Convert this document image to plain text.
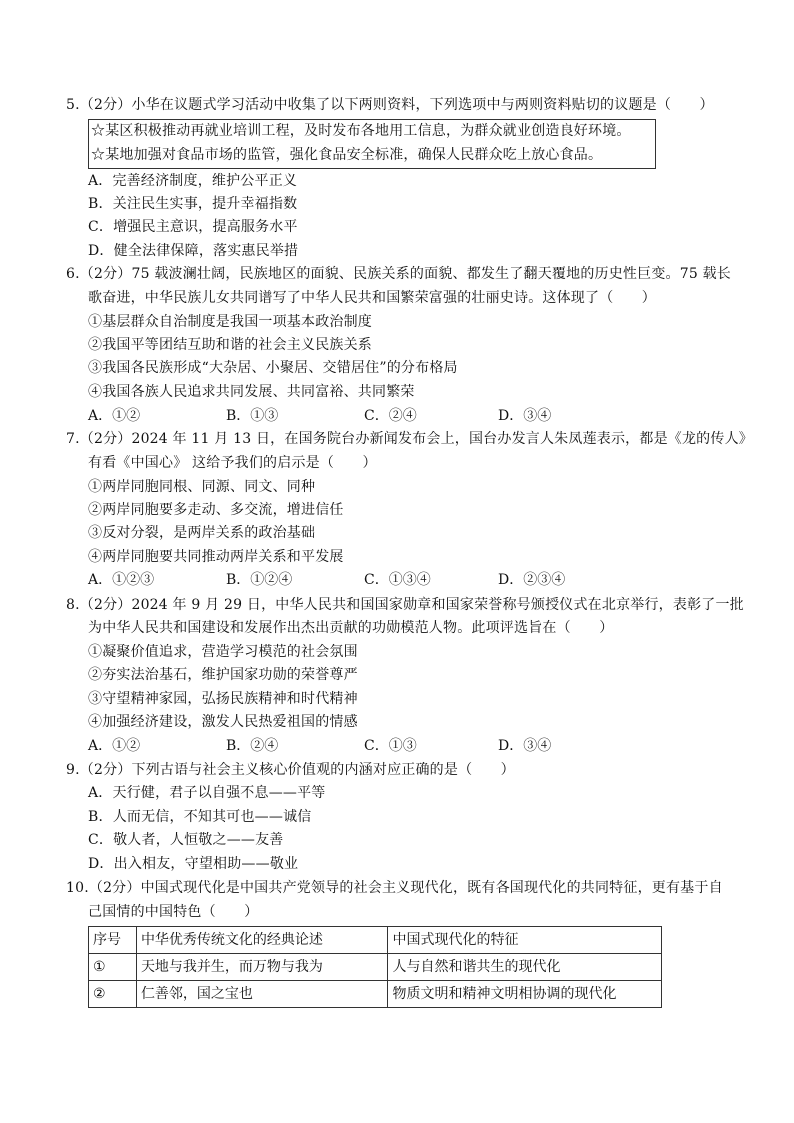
5.（2分）小华在议题式学习活动中收集了以下两则资料，下列选项中与两则资料贴切的议题是（　　）
☆某区积极推动再就业培训工程，及时发布各地用工信息，为群众就业创造良好环境。
☆某地加强对食品市场的监管，强化食品安全标准，确保人民群众吃上放心食品。
A．完善经济制度，维护公平正义
B．关注民生实事，提升幸福指数
C．增强民主意识，提高服务水平
D．健全法律保障，落实惠民举措
6.（2分）75 载波澜壮阔，民族地区的面貌、民族关系的面貌、都发生了翻天覆地的历史性巨变。75 载长
歌奋进，中华民族儿女共同谱写了中华人民共和国繁荣富强的壮丽史诗。这体现了（　　）
①基层群众自治制度是我国一项基本政治制度
②我国平等团结互助和谐的社会主义民族关系
③我国各民族形成“大杂居、小聚居、交错居住”的分布格局
④我国各族人民追求共同发展、共同富裕、共同繁荣
A．①②	B．①③	C．②④	D．③④
7.（2分）2024 年 11 月 13 日，在国务院台办新闻发布会上，国台办发言人朱凤莲表示，都是《龙的传人》
有看《中国心》 这给予我们的启示是（　　）
①两岸同胞同根、同源、同文、同种
②两岸同胞要多走动、多交流，增进信任
③反对分裂，是两岸关系的政治基础
④两岸同胞要共同推动两岸关系和平发展
A．①②③	B．①②④	C．①③④	D．②③④
8.（2分）2024 年 9 月 29 日，中华人民共和国国家勋章和国家荣誉称号颁授仪式在北京举行，表彰了一批
为中华人民共和国建设和发展作出杰出贡献的功勋模范人物。此项评选旨在（　　）
①凝聚价值追求，营造学习模范的社会氛围
②夯实法治基石，维护国家功勋的荣誉尊严
③守望精神家园，弘扬民族精神和时代精神
④加强经济建设，激发人民热爱祖国的情感
A．①②	B．②④	C．①③	D．③④
9.（2分）下列古语与社会主义核心价值观的内涵对应正确的是（　　）
A．天行健，君子以自强不息——平等
B．人而无信，不知其可也——诚信
C．敬人者，人恒敬之——友善
D．出入相友，守望相助——敬业
10.（2分）中国式现代化是中国共产党领导的社会主义现代化，既有各国现代化的共同特征，更有基于自
己国情的中国特色（　　）
序号	中华优秀传统文化的经典论述	中国式现代化的特征
①	天地与我并生，而万物与我为	人与自然和谐共生的现代化
②	仁善邻，国之宝也	物质文明和精神文明相协调的现代化
